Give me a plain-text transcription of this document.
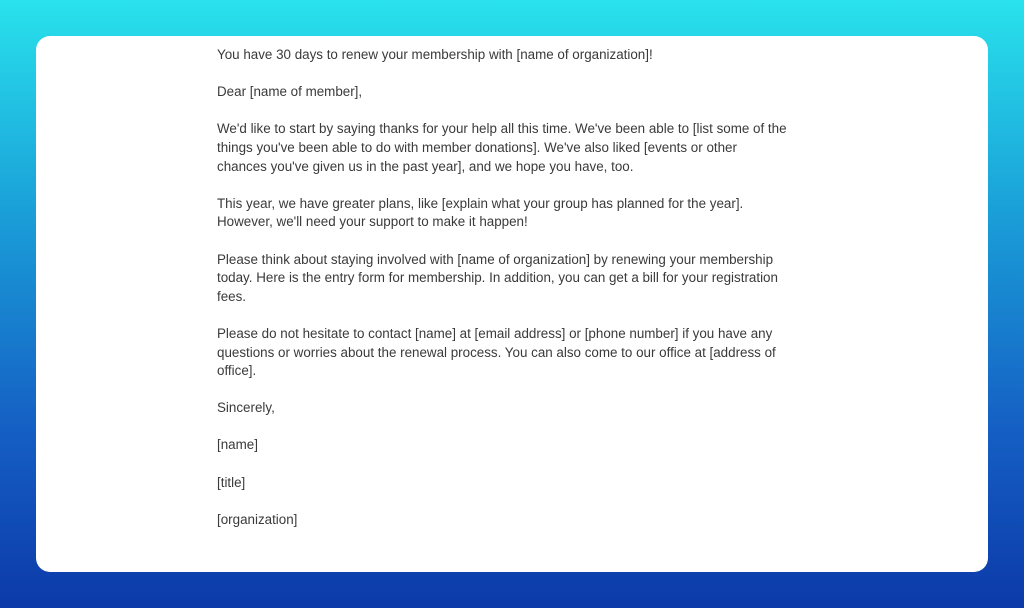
You have 30 days to renew your membership with [name of organization]!

Dear [name of member],

We'd like to start by saying thanks for your help all this time. We've been able to [list some of the
things you've been able to do with member donations]. We've also liked [events or other
chances you've given us in the past year], and we hope you have, too.

This year, we have greater plans, like [explain what your group has planned for the year].
However, we'll need your support to make it happen!

Please think about staying involved with [name of organization] by renewing your membership
today. Here is the entry form for membership. In addition, you can get a bill for your registration
fees.

Please do not hesitate to contact [name] at [email address] or [phone number] if you have any
questions or worries about the renewal process. You can also come to our office at [address of
office].

Sincerely,

[name]

[title]

[organization]
